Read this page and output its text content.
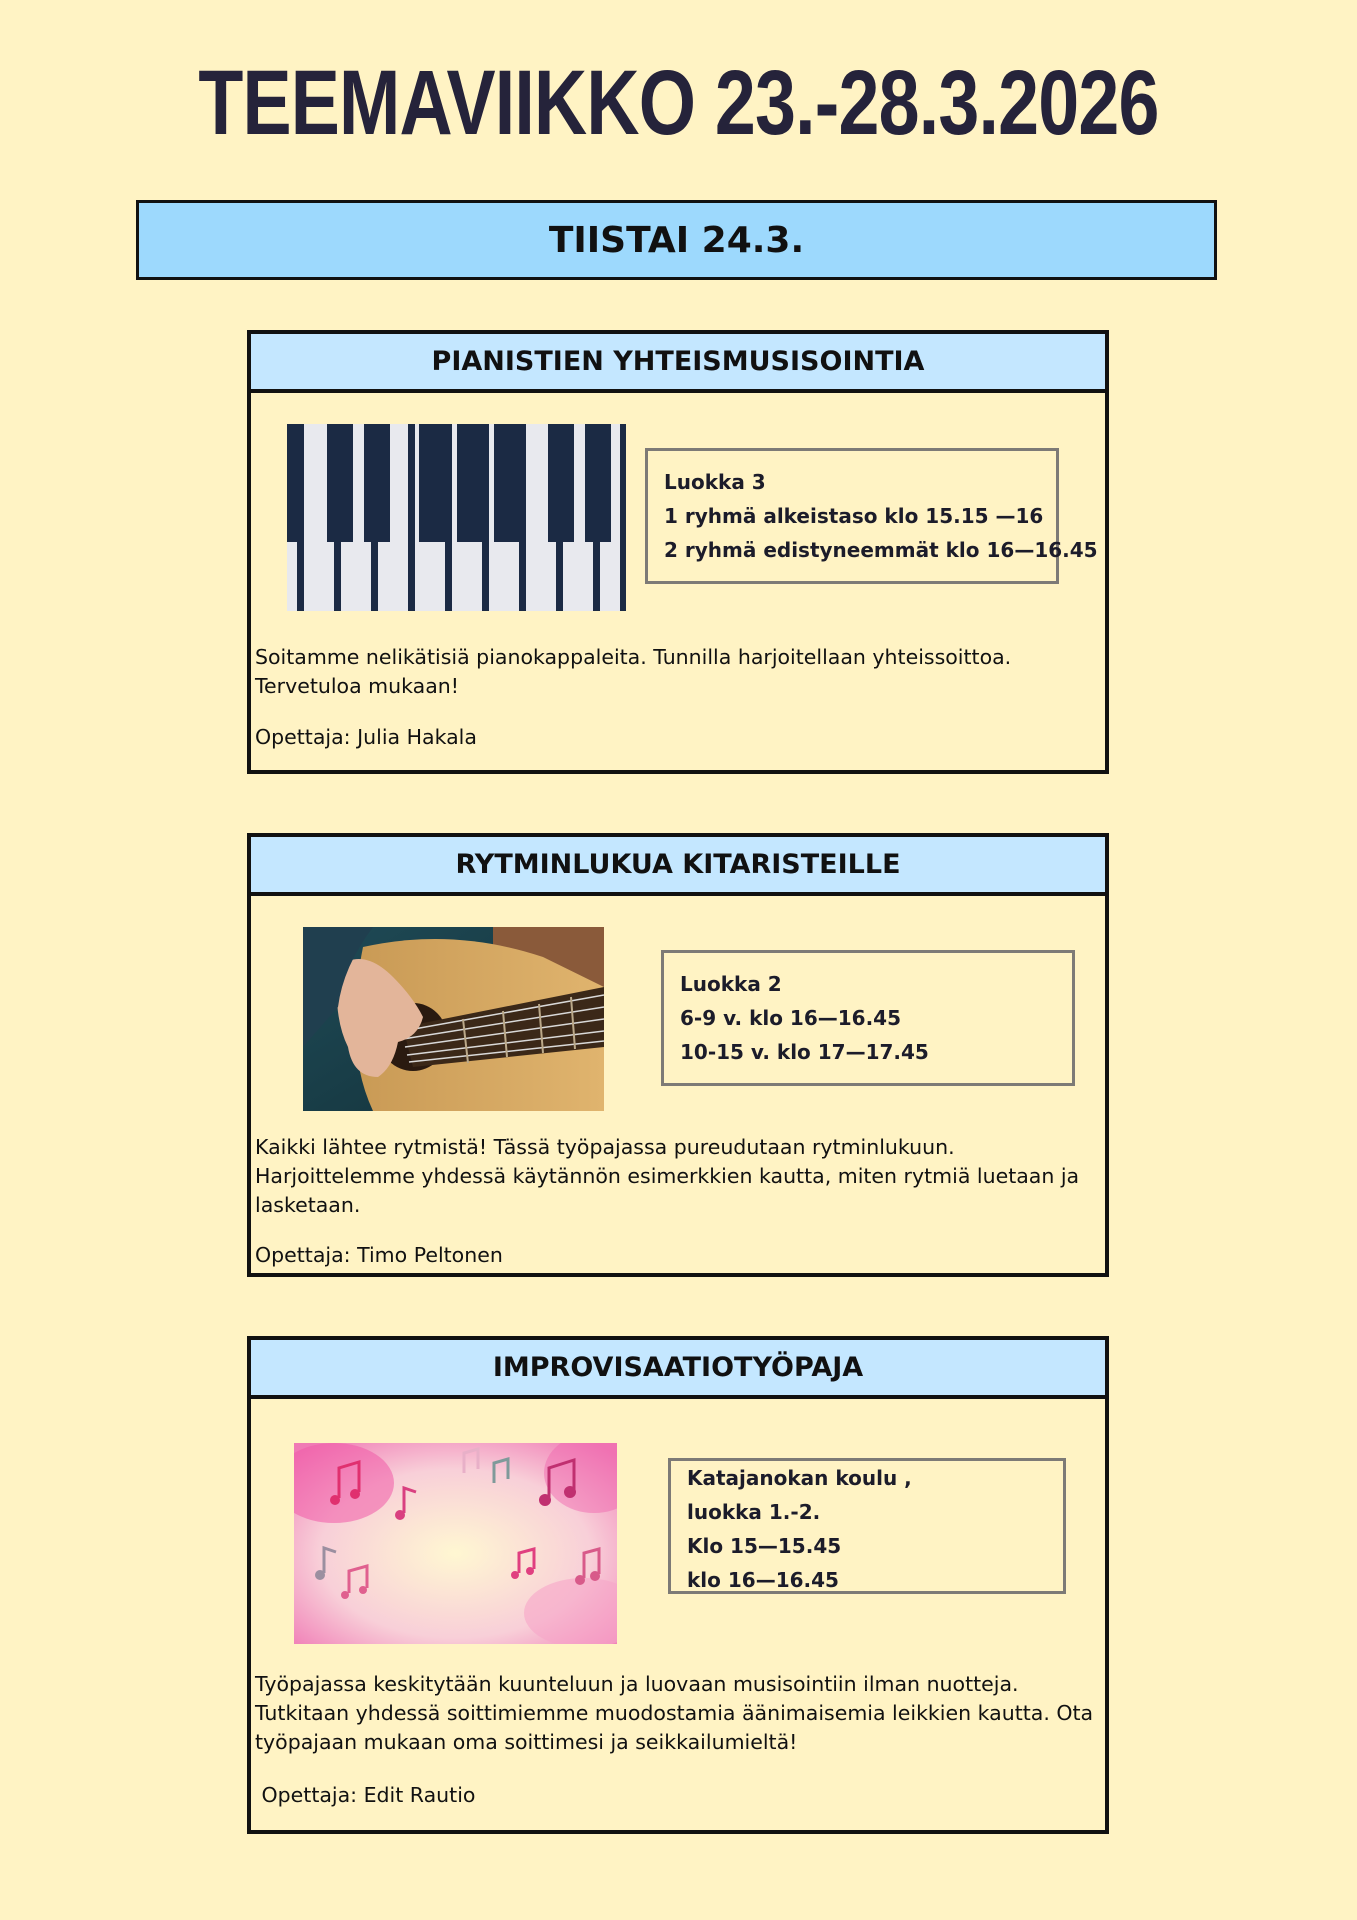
TEEMAVIIKKO 23.-28.3.2026
TIISTAI 24.3.
PIANISTIEN YHTEISMUSISOINTIA
Luokka 3
1 ryhmä alkeistaso klo 15.15 —16
2 ryhmä edistyneemmät klo 16—16.45
Soitamme nelikätisiä pianokappaleita. Tunnilla harjoitellaan yhteissoittoa. Tervetuloa mukaan!
Opettaja: Julia Hakala
RYTMINLUKUA KITARISTEILLE
Luokka 2
6-9 v. klo 16—16.45
10-15 v. klo 17—17.45
Kaikki lähtee rytmistä! Tässä työpajassa pureudutaan rytminlukuun. Harjoittelemme yhdessä käytännön esimerkkien kautta, miten rytmiä luetaan ja lasketaan.
Opettaja: Timo Peltonen
IMPROVISAATIOTYÖPAJA
Katajanokan koulu ,
luokka 1.-2.
Klo 15—15.45
klo 16—16.45
Työpajassa keskitytään kuunteluun ja luovaan musisointiin ilman nuotteja. Tutkitaan yhdessä soittimiemme muodostamia äänimaisemia leikkien kautta. Ota työpajaan mukaan oma soittimesi ja seikkailumieltä!
Opettaja: Edit Rautio
